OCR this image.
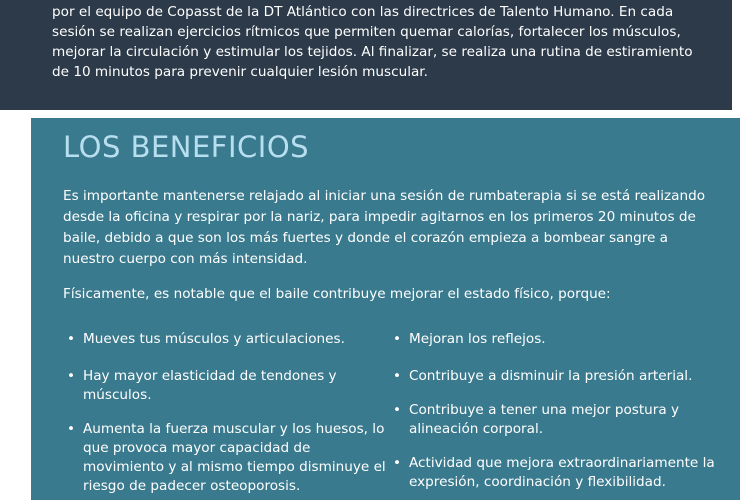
por el equipo de Copasst de la DT Atlántico con las directrices de Talento Humano. En cada
sesión se realizan ejercicios rítmicos que permiten quemar calorías, fortalecer los músculos,
mejorar la circulación y estimular los tejidos. Al finalizar, se realiza una rutina de estiramiento
de 10 minutos para prevenir cualquier lesión muscular.
LOS BENEFICIOS
Es importante mantenerse relajado al iniciar una sesión de rumbaterapia si se está realizando
desde la oficina y respirar por la nariz, para impedir agitarnos en los primeros 20 minutos de
baile, debido a que son los más fuertes y donde el corazón empieza a bombear sangre a
nuestro cuerpo con más intensidad.
Físicamente, es notable que el baile contribuye mejorar el estado físico, porque:
• Mueves tus músculos y articulaciones.
• Hay mayor elasticidad de tendones y
músculos.
• Aumenta la fuerza muscular y los huesos, lo
que provoca mayor capacidad de
movimiento y al mismo tiempo disminuye el
riesgo de padecer osteoporosis.
• Mejoran los reflejos.
• Contribuye a disminuir la presión arterial.
• Contribuye a tener una mejor postura y
alineación corporal.
• Actividad que mejora extraordinariamente la
expresión, coordinación y flexibilidad.
